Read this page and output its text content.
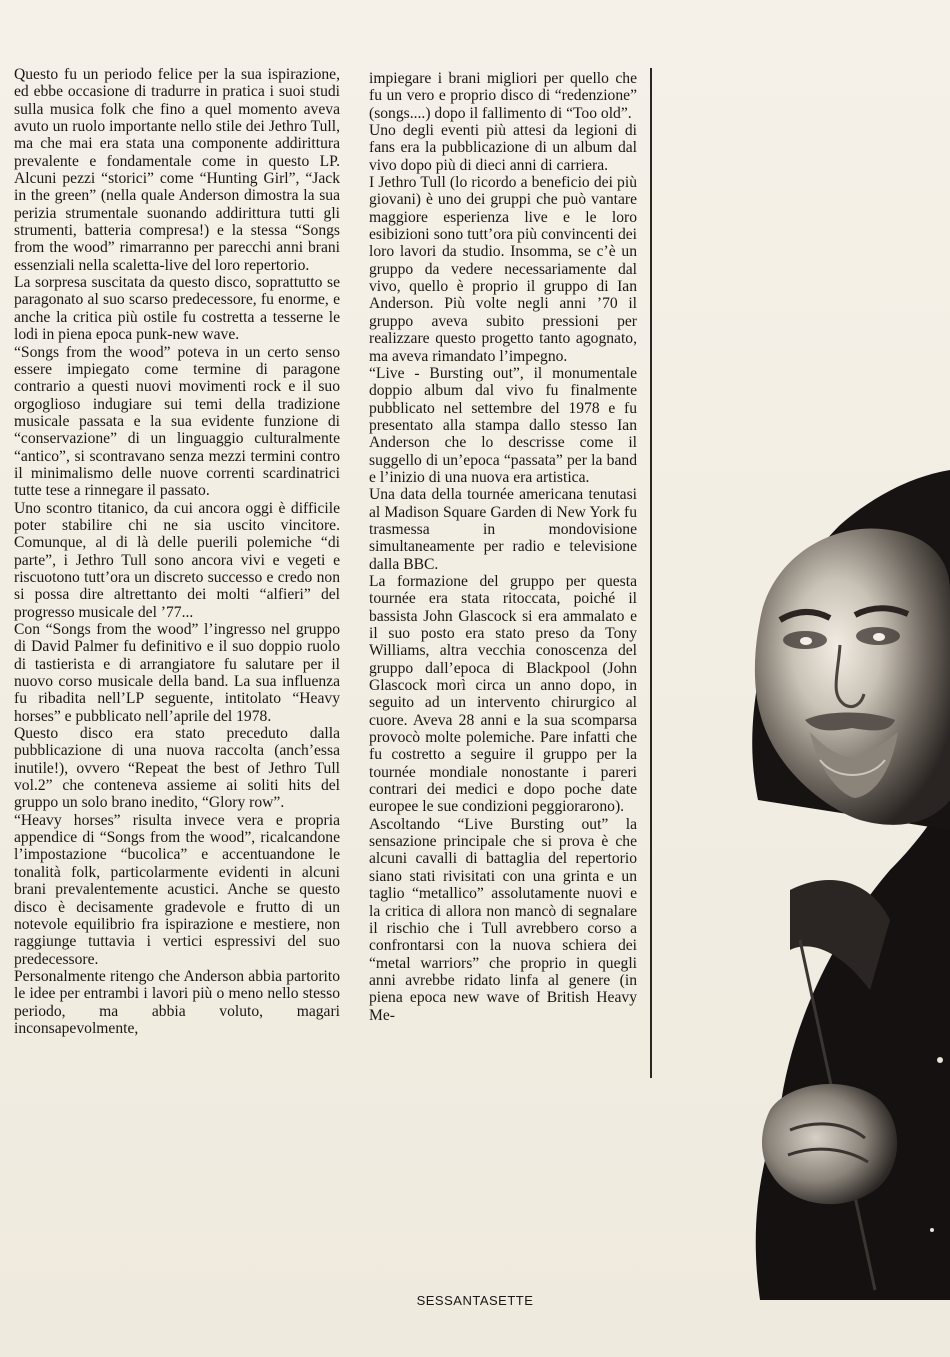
Questo fu un periodo felice per la sua ispirazione, ed ebbe occasione di tradurre in pratica i suoi studi sulla musica folk che fino a quel momento aveva avuto un ruolo importante nello stile dei Jethro Tull, ma che mai era stata una componente addirittura prevalente e fondamentale come in questo LP. Alcuni pezzi “storici” come “Hunting Girl”, “Jack in the green” (nella quale Anderson dimostra la sua perizia strumentale suonando addirittura tutti gli strumenti, batteria compresa!) e la stessa “Songs from the wood” rimarranno per parecchi anni brani essenziali nella scaletta-live del loro repertorio.

La sorpresa suscitata da questo disco, soprattutto se paragonato al suo scarso predecessore, fu enorme, e anche la critica più ostile fu costretta a tesserne le lodi in piena epoca punk-new wave.

“Songs from the wood” poteva in un certo senso essere impiegato come termine di paragone contrario a questi nuovi movimenti rock e il suo orgoglioso indugiare sui temi della tradizione musicale passata e la sua evidente funzione di “conservazione” di un linguaggio culturalmente “antico”, si scontravano senza mezzi termini contro il minimalismo delle nuove correnti scardinatrici tutte tese a rinnegare il passato.

Uno scontro titanico, da cui ancora oggi è difficile poter stabilire chi ne sia uscito vincitore. Comunque, al di là delle puerili polemiche “di parte”, i Jethro Tull sono ancora vivi e vegeti e riscuotono tutt’ora un discreto successo e credo non si possa dire altrettanto dei molti “alfieri” del progresso musicale del ’77...

Con “Songs from the wood” l’ingresso nel gruppo di David Palmer fu definitivo e il suo doppio ruolo di tastierista e di arrangiatore fu salutare per il nuovo corso musicale della band. La sua influenza fu ribadita nell’LP seguente, intitolato “Heavy horses” e pubblicato nell’aprile del 1978.

Questo disco era stato preceduto dalla pubblicazione di una nuova raccolta (anch’essa inutile!), ovvero “Repeat the best of Jethro Tull vol.2” che conteneva assieme ai soliti hits del gruppo un solo brano inedito, “Glory row”.

“Heavy horses” risulta invece vera e propria appendice di “Songs from the wood”, ricalcandone l’impostazione “bucolica” e accentuandone le tonalità folk, particolarmente evidenti in alcuni brani prevalentemente acustici. Anche se questo disco è decisamente gradevole e frutto di un notevole equilibrio fra ispirazione e mestiere, non raggiunge tuttavia i vertici espressivi del suo predecessore.

Personalmente ritengo che Anderson abbia partorito le idee per entrambi i lavori più o meno nello stesso periodo, ma abbia voluto, magari inconsapevolmente,

impiegare i brani migliori per quello che fu un vero e proprio disco di “redenzione” (songs....) dopo il fallimento di “Too old”.

Uno degli eventi più attesi da legioni di fans era la pubblicazione di un album dal vivo dopo più di dieci anni di carriera.

I Jethro Tull (lo ricordo a beneficio dei più giovani) è uno dei gruppi che può vantare maggiore esperienza live e le loro esibizioni sono tutt’ora più convincenti dei loro lavori da studio. Insomma, se c’è un gruppo da vedere necessariamente dal vivo, quello è proprio il gruppo di Ian Anderson. Più volte negli anni ’70 il gruppo aveva subito pressioni per realizzare questo progetto tanto agognato, ma aveva rimandato l’impegno.

“Live - Bursting out”, il monumentale doppio album dal vivo fu finalmente pubblicato nel settembre del 1978 e fu presentato alla stampa dallo stesso Ian Anderson che lo descrisse come il suggello di un’epoca “passata” per la band e l’inizio di una nuova era artistica.

Una data della tournée americana tenutasi al Madison Square Garden di New York fu trasmessa in mondovisione simultaneamente per radio e televisione dalla BBC.

La formazione del gruppo per questa tournée era stata ritoccata, poiché il bassista John Glascock si era ammalato e il suo posto era stato preso da Tony Williams, altra vecchia conoscenza del gruppo dall’epoca di Blackpool (John Glascock morì circa un anno dopo, in seguito ad un intervento chirurgico al cuore. Aveva 28 anni e la sua scomparsa provocò molte polemiche. Pare infatti che fu costretto a seguire il gruppo per la tournée mondiale nonostante i pareri contrari dei medici e dopo poche date europee le sue condizioni peggiorarono).

Ascoltando “Live Bursting out” la sensazione principale che si prova è che alcuni cavalli di battaglia del repertorio siano stati rivisitati con una grinta e un taglio “metallico” assolutamente nuovi e la critica di allora non mancò di segnalare il rischio che i Tull avrebbero corso a confrontarsi con la nuova schiera dei “metal warriors” che proprio in quegli anni avrebbe ridato linfa al genere (in piena epoca new wave of British Heavy Me-

SESSANTASETTE
